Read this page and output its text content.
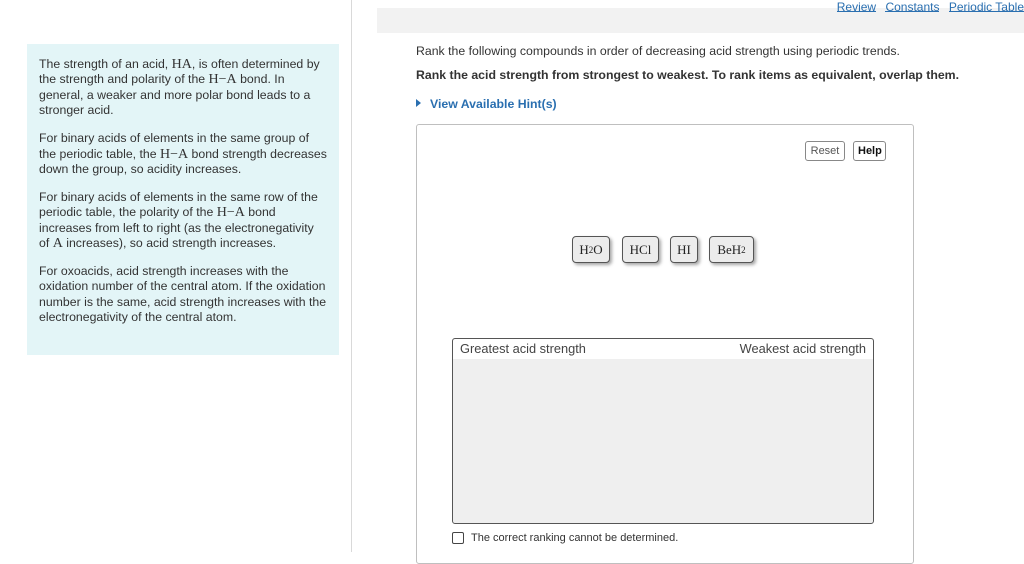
The strength of an acid, HA, is often determined by the strength and polarity of the H−A bond. In general, a weaker and more polar bond leads to a stronger acid.

For binary acids of elements in the same group of the periodic table, the H−A bond strength decreases down the group, so acidity increases.

For binary acids of elements in the same row of the periodic table, the polarity of the H−A bond increases from left to right (as the electronegativity of A increases), so acid strength increases.

For oxoacids, acid strength increases with the oxidation number of the central atom. If the oxidation number is the same, acid strength increases with the electronegativity of the central atom.

Review Constants Periodic Table
Rank the following compounds in order of decreasing acid strength using periodic trends.
Rank the acid strength from strongest to weakest. To rank items as equivalent, overlap them.
View Available Hint(s)
Reset	Help
H 2 O HCl HI BeH 2
Greatest acid strength	Weakest acid strength
The correct ranking cannot be determined.
